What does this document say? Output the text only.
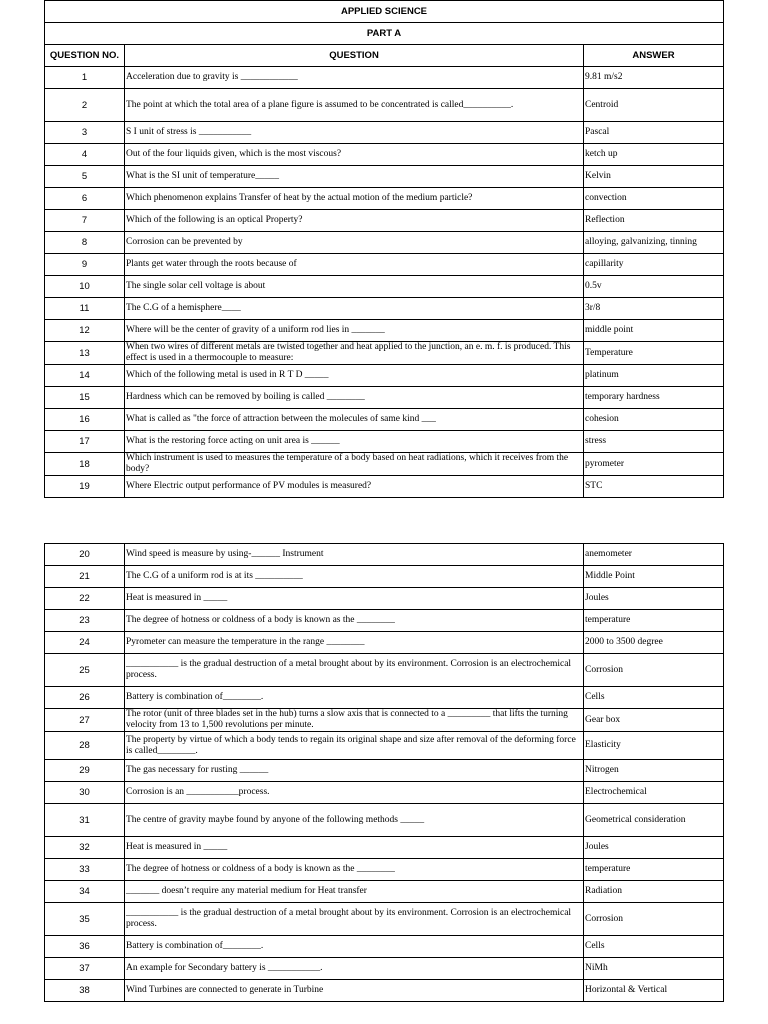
APPLIED SCIENCE		
PART A		
QUESTION NO.	QUESTION	ANSWER
1	Acceleration due to gravity is ____________	9.81 m/s2
2	The point at which the total area of a plane figure is assumed to be concentrated is called__________.	Centroid
3	S I unit of stress is ___________	Pascal
4	Out of the four liquids given, which is the most viscous?	ketch up
5	What is the SI unit of temperature_____	Kelvin
6	Which phenomenon explains Transfer of heat by the actual motion of the medium particle?	convection
7	Which of the following is an optical Property?	Reflection
8	Corrosion can be prevented by	alloying, galvanizing, tinning
9	Plants get water through the roots because of	capillarity
10	The single solar cell voltage is about	0.5v
11	The C.G of a hemisphere____	3r/8
12	Where will be the center of gravity of a uniform rod lies in _______	middle point
13	When two wires of different metals are twisted together and heat applied to the junction, an e. m. f. is produced. This effect is used in a thermocouple to measure:	Temperature
14	Which of the following metal is used in R T D _____	platinum
15	Hardness which can be removed by boiling is called ________	temporary hardness
16	What is called as "the force of attraction between the molecules of same kind ___	cohesion
17	What is the restoring force acting on unit area is ______	stress
18	Which instrument is used to measures the temperature of a body based on heat radiations, which it receives from the body?	pyrometer
19	Where Electric output performance of PV modules is measured?	STC
20	Wind speed is measure by using-______ Instrument	anemometer
21	The C.G of a uniform rod is at its __________	Middle Point
22	Heat is measured in _____	Joules
23	The degree of hotness or coldness of a body is known as the ________	temperature
24	Pyrometer can measure the temperature in the range ________	2000 to 3500 degree
25	___________ is the gradual destruction of a metal brought about by its environment. Corrosion is an electrochemical process.	Corrosion
26	Battery is combination of________.	Cells
27	The rotor (unit of three blades set in the hub) turns a slow axis that is connected to a _________ that lifts the turning velocity from 13 to 1,500 revolutions per minute.	Gear box
28	The property by virtue of which a body tends to regain its original shape and size after removal of the deforming force is called________.	Elasticity
29	The gas necessary for rusting ______	Nitrogen
30	Corrosion is an ___________process.	Electrochemical
31	The centre of gravity maybe found by anyone of the following methods _____	Geometrical consideration
32	Heat is measured in _____	Joules
33	The degree of hotness or coldness of a body is known as the ________	temperature
34	_______ doesn’t require any material medium for Heat transfer	Radiation
35	___________ is the gradual destruction of a metal brought about by its environment. Corrosion is an electrochemical process.	Corrosion
36	Battery is combination of________.	Cells
37	An example for Secondary battery is ___________.	NiMh
38	Wind Turbines are connected to generate in Turbine	Horizontal & Vertical
